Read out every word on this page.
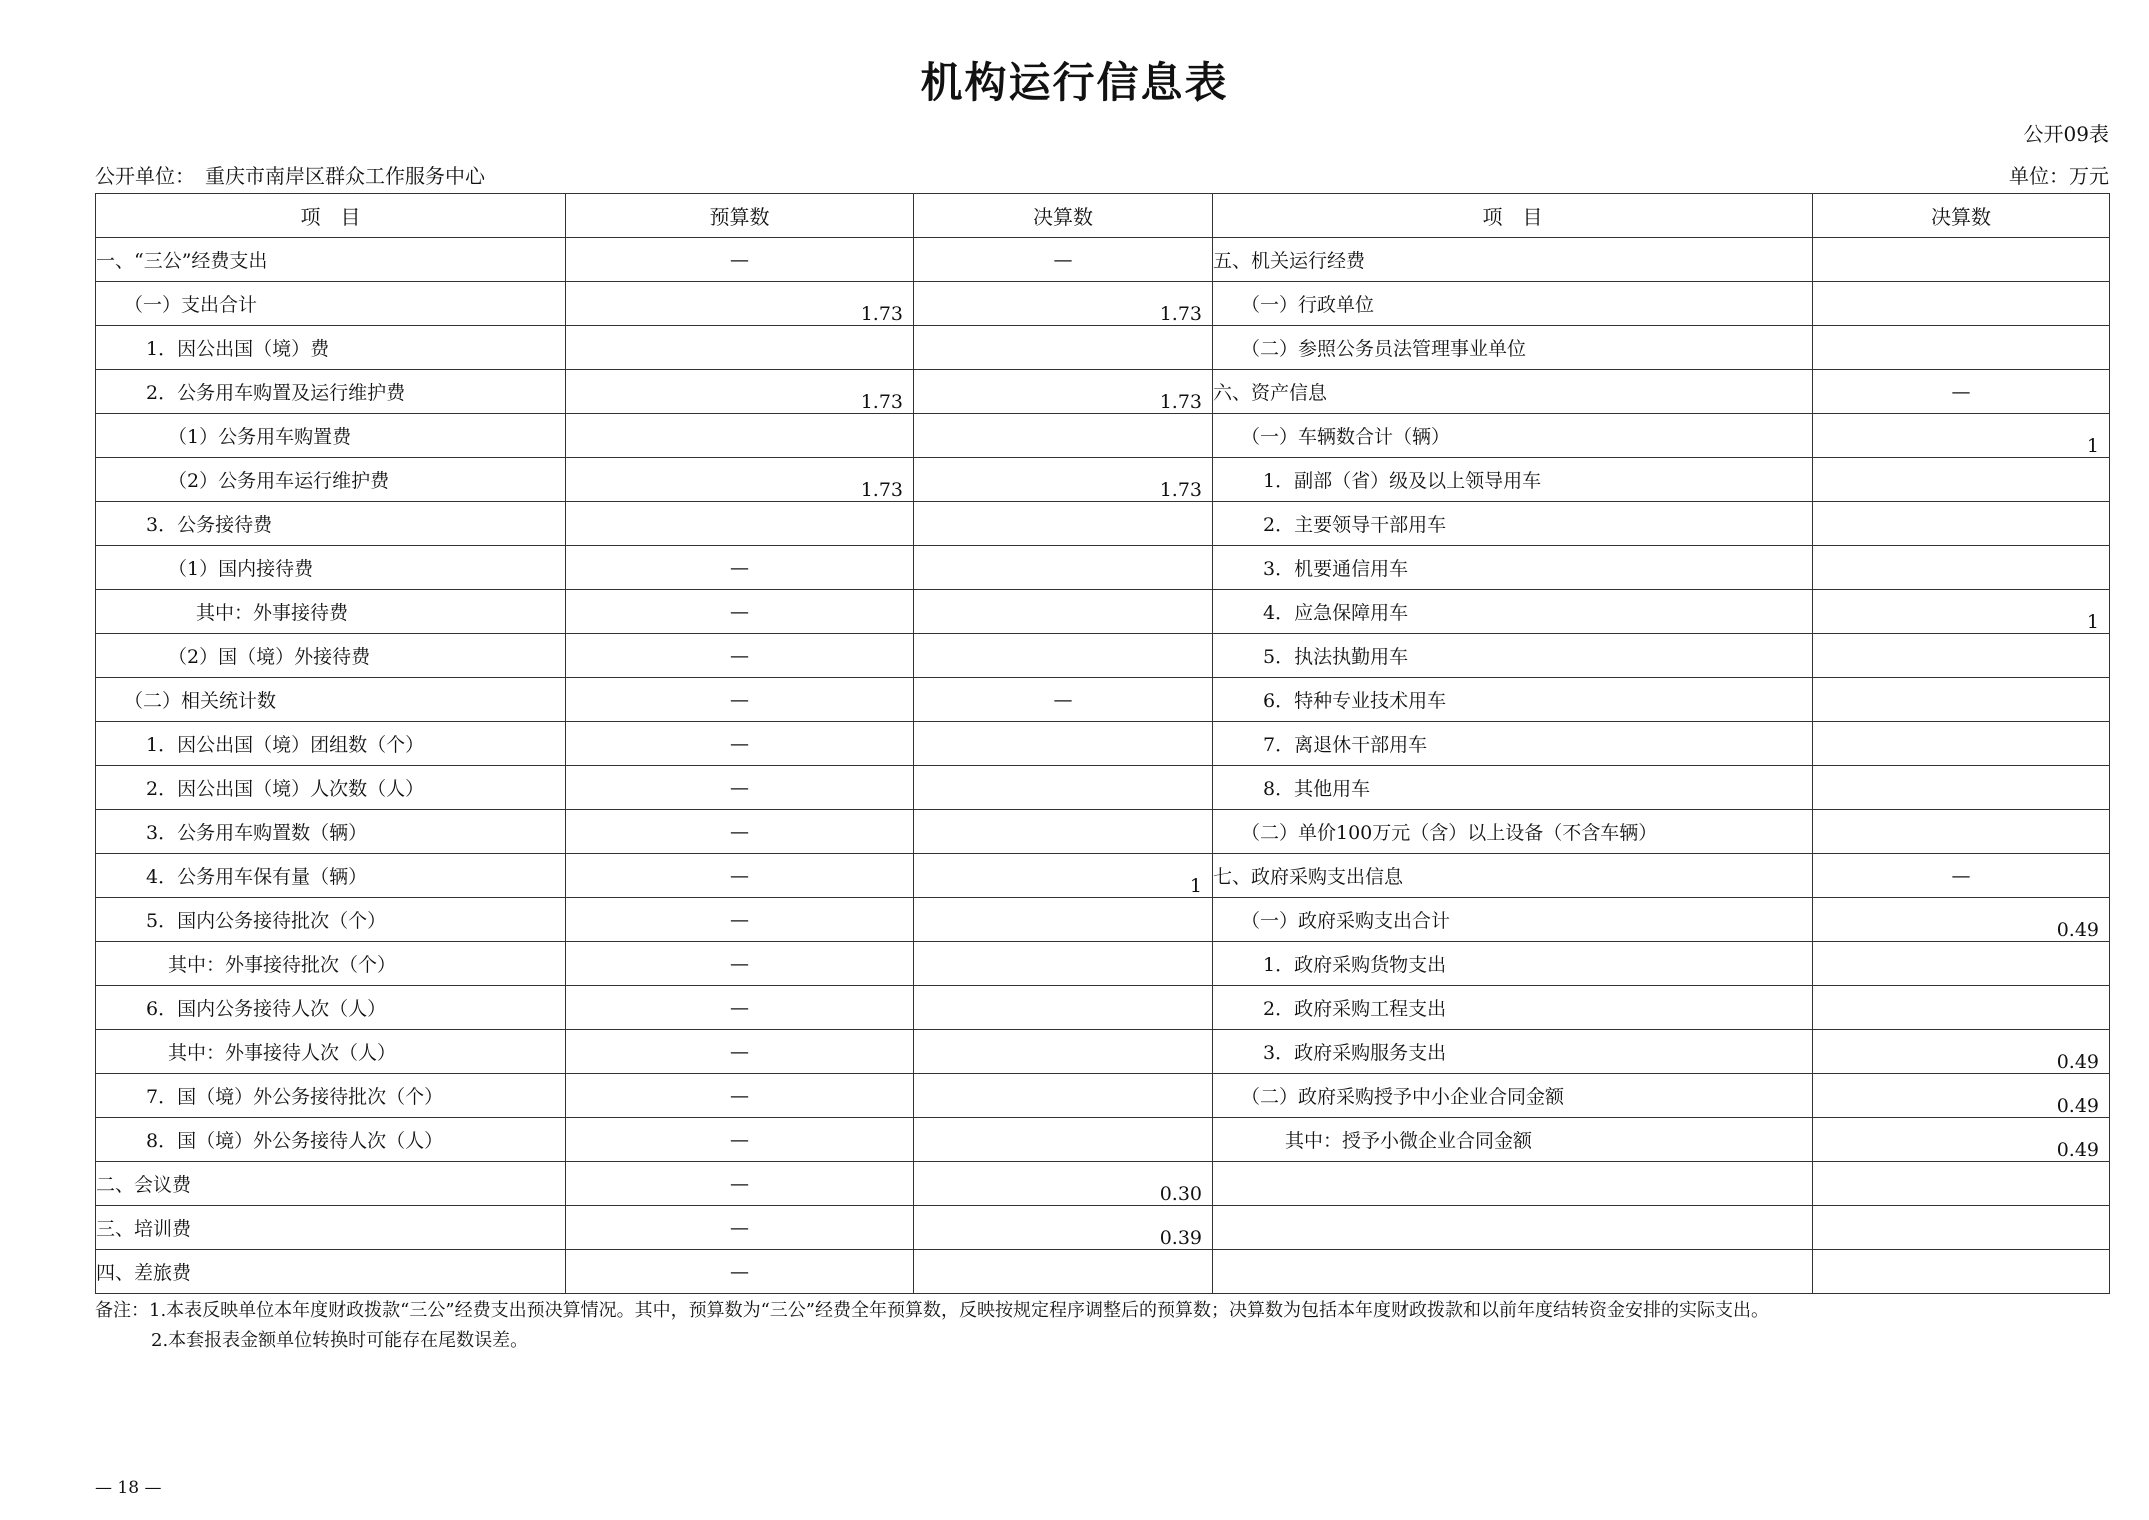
机构运行信息表
公开09表
公开单位：　重庆市南岸区群众工作服务中心	单位：万元
项　目	预算数	决算数	项　目	决算数
一、“三公”经费支出	—	—	五、机关运行经费	
（一）支出合计	1.73	1.73	（一）行政单位	
1．因公出国（境）费			（二）参照公务员法管理事业单位	
2．公务用车购置及运行维护费	1.73	1.73	六、资产信息	—
（1）公务用车购置费			（一）车辆数合计（辆）	1
（2）公务用车运行维护费	1.73	1.73	1．副部（省）级及以上领导用车	
3．公务接待费			2．主要领导干部用车	
（1）国内接待费	—		3．机要通信用车	
其中：外事接待费	—		4．应急保障用车	1
（2）国（境）外接待费	—		5．执法执勤用车	
（二）相关统计数	—	—	6．特种专业技术用车	
1．因公出国（境）团组数（个）	—		7．离退休干部用车	
2．因公出国（境）人次数（人）	—		8．其他用车	
3．公务用车购置数（辆）	—		（二）单价100万元（含）以上设备（不含车辆）	
4．公务用车保有量（辆）	—	1	七、政府采购支出信息	—
5．国内公务接待批次（个）	—		（一）政府采购支出合计	0.49
其中：外事接待批次（个）	—		1．政府采购货物支出	
6．国内公务接待人次（人）	—		2．政府采购工程支出	
其中：外事接待人次（人）	—		3．政府采购服务支出	0.49
7．国（境）外公务接待批次（个）	—		（二）政府采购授予中小企业合同金额	0.49
8．国（境）外公务接待人次（人）	—		其中：授予小微企业合同金额	0.49
二、会议费	—	0.30		
三、培训费	—	0.39		
四、差旅费	—			
备注：1.本表反映单位本年度财政拨款“三公”经费支出预决算情况。其中，预算数为“三公”经费全年预算数，反映按规定程序调整后的预算数；决算数为包括本年度财政拨款和以前年度结转资金安排的实际支出。
2.本套报表金额单位转换时可能存在尾数误差。
— 18 —
